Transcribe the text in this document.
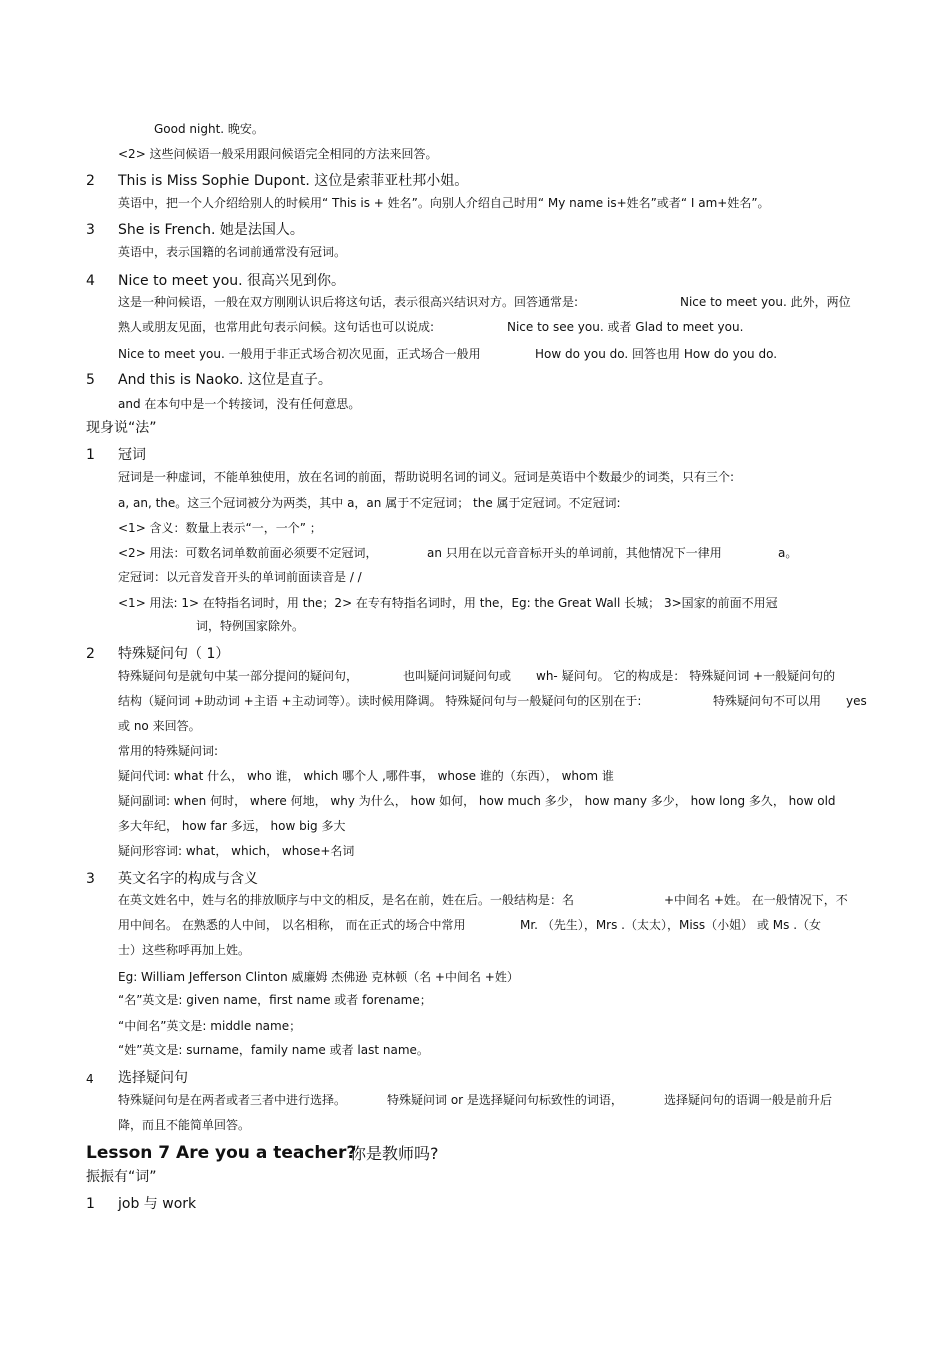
Good night. 晚安。
<2> 这些问候语一般采用跟问候语完全相同的方法来回答。
2 This is Miss Sophie Dupont. 这位是索菲亚杜邦小姐。
英语中，把一个人介绍给别人的时候用“ This is + 姓名”。向别人介绍自己时用“ My name is+姓名”或者“ I am+姓名”。
3 She is French. 她是法国人。
英语中，表示国籍的名词前通常没有冠词。
4 Nice to meet you. 很高兴见到你。
这是一种问候语，一般在双方刚刚认识后将这句话，表示很高兴结识对方。回答通常是:	Nice to meet you. 此外，两位
熟人或朋友见面，也常用此句表示问候。这句话也可以说成:	Nice to see you. 或者 Glad to meet you.
Nice to meet you. 一般用于非正式场合初次见面，正式场合一般用	How do you do. 回答也用 How do you do.
5 And this is Naoko. 这位是直子。
and 在本句中是一个转接词，没有任何意思。
现身说“法”
1 冠词
冠词是一种虚词，不能单独使用，放在名词的前面，帮助说明名词的词义。冠词是英语中个数最少的词类，只有三个:
a, an, the。这三个冠词被分为两类，其中 a，an 属于不定冠词； the 属于定冠词。不定冠词:
<1> 含义：数量上表示“一，一个” ；
<2> 用法：可数名词单数前面必须要不定冠词，	an 只用在以元音音标开头的单词前，其他情况下一律用	a。
定冠词：以元音发音开头的单词前面读音是 / /
<1> 用法: 1> 在特指名词时，用 the；2> 在专有特指名词时，用 the，Eg: the Great Wall 长城； 3>国家的前面不用冠
词，特例国家除外。
2 特殊疑问句（ 1）
特殊疑问句是就句中某一部分提问的疑问句，	也叫疑问词疑问句或 wh- 疑问句。 它的构成是： 特殊疑问词 +一般疑问句的
结构（疑问词 +助动词 +主语 +主动词等）。读时候用降调。 特殊疑问句与一般疑问句的区别在于:	特殊疑问句不可以用 yes
或 no 来回答。
常用的特殊疑问词:
疑问代词: what 什么， who 谁， which 哪个人 ,哪件事， whose 谁的（东西）， whom 谁
疑问副词: when 何时， where 何地， why 为什么， how 如何， how much 多少， how many 多少， how long 多久， how old
多大年纪， how far 多远， how big 多大
疑问形容词: what， which， whose+名词
3 英文名字的构成与含义
在英文姓名中，姓与名的排放顺序与中文的相反，是名在前，姓在后。一般结构是：名	+中间名 +姓。 在一般情况下，不
用中间名。 在熟悉的人中间， 以名相称， 而在正式的场合中常用	Mr. （先生），Mrs .（太太），Miss（小姐） 或 Ms .（女
士）这些称呼再加上姓。
Eg: William Jefferson Clinton 威廉姆 杰佛逊 克林顿（名 +中间名 +姓）
“名”英文是: given name，first name 或者 forename；
“中间名”英文是: middle name；
“姓”英文是: surname，family name 或者 last name。
4 选择疑问句
特殊疑问句是在两者或者三者中进行选择。	特殊疑问词 or 是选择疑问句标致性的词语，	选择疑问句的语调一般是前升后
降，而且不能简单回答。
Lesson 7 Are you a teacher?
你是教师吗?
振振有“词”
1 job 与 work
